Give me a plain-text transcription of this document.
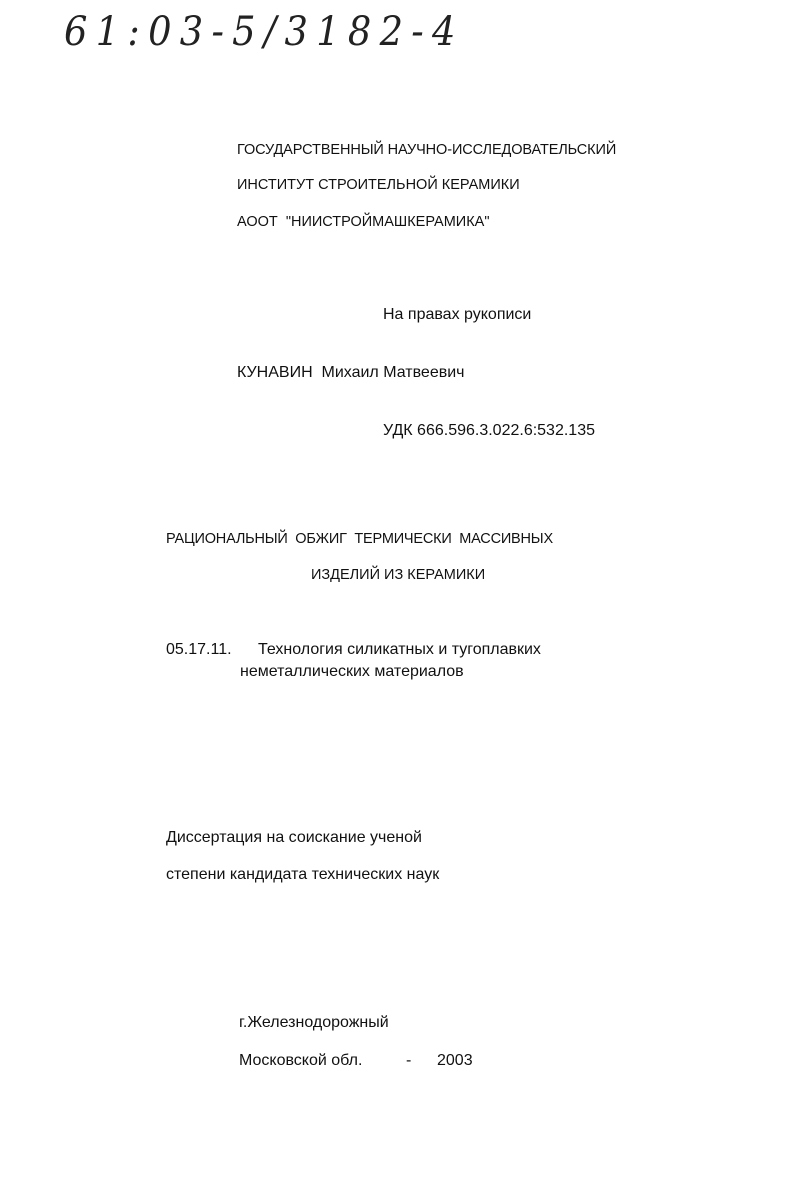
61:03-5/3182-4
ГОСУДАРСТВЕННЫЙ НАУЧНО-ИССЛЕДОВАТЕЛЬСКИЙ
ИНСТИТУТ СТРОИТЕЛЬНОЙ КЕРАМИКИ
АООТ  "НИИСТРОЙМАШКЕРАМИКА"
На правах рукописи
КУНАВИН  Михаил Матвеевич
УДК 666.596.3.022.6:532.135
РАЦИОНАЛЬНЫЙ  ОБЖИГ  ТЕРМИЧЕСКИ  МАССИВНЫХ
ИЗДЕЛИЙ ИЗ КЕРАМИКИ
05.17.11. Технология силикатных и тугоплавких
неметаллических материалов
Диссертация на соискание ученой
степени кандидата технических наук
г.Железнодорожный
Московской обл.	- 2003
